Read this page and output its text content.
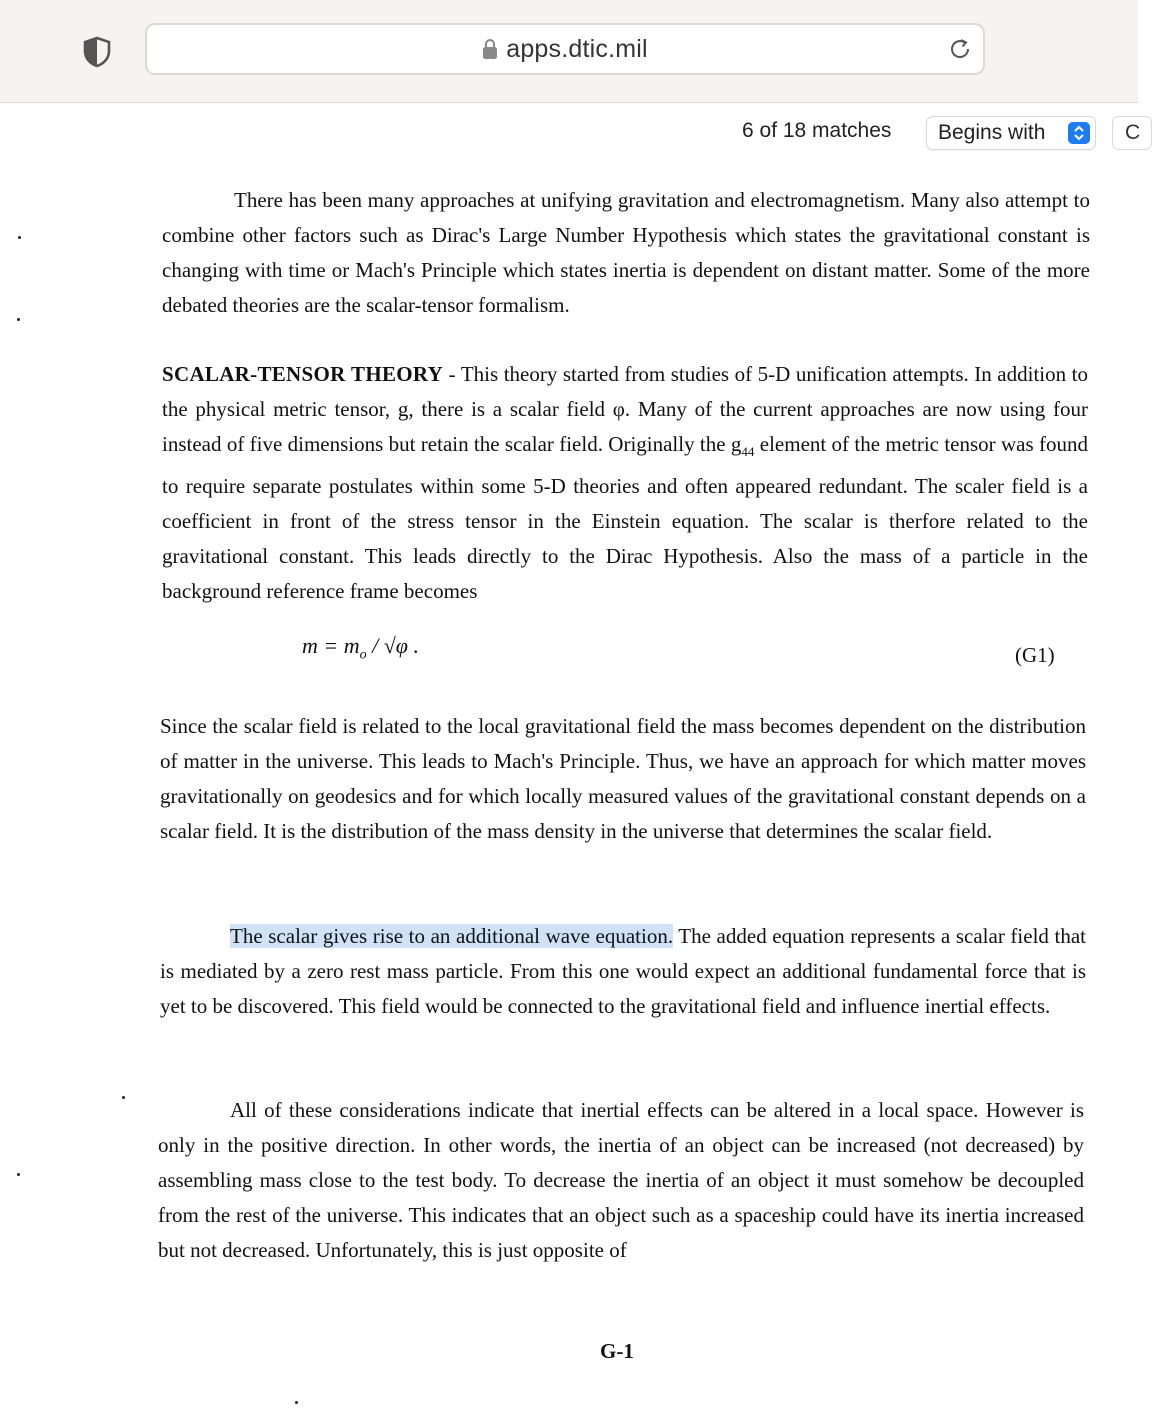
apps.dtic.mil
6 of 18 matches Begins with	C

There has been many approaches at unifying gravitation and electromagnetism. Many also attempt to combine other factors such as Dirac's Large Number Hypothesis which states the gravitational constant is changing with time or Mach's Principle which states inertia is dependent on distant matter. Some of the more debated theories are the scalar-tensor formalism.

SCALAR-TENSOR THEORY - This theory started from studies of 5-D unification attempts. In addition to the physical metric tensor, g, there is a scalar field φ. Many of the current approaches are now using four instead of five dimensions but retain the scalar field. Originally the $g_{44}$ element of the metric tensor was found to require separate postulates within some 5-D theories and often appeared redundant. The scaler field is a coefficient in front of the stress tensor in the Einstein equation. The scalar is therfore related to the gravitational constant. This leads directly to the Dirac Hypothesis. Also the mass of a particle in the background reference frame becomes

$m = m_o / √\varphi$ .	(G1)

Since the scalar field is related to the local gravitational field the mass becomes dependent on the distribution of matter in the universe. This leads to Mach's Principle. Thus, we have an approach for which matter moves gravitationally on geodesics and for which locally measured values of the gravitational constant depends on a scalar field. It is the distribution of the mass density in the universe that determines the scalar field.

The scalar gives rise to an additional wave equation. The added equation represents a scalar field that is mediated by a zero rest mass particle. From this one would expect an additional fundamental force that is yet to be discovered. This field would be connected to the gravitational field and influence inertial effects.

All of these considerations indicate that inertial effects can be altered in a local space. However is only in the positive direction. In other words, the inertia of an object can be increased (not decreased) by assembling mass close to the test body. To decrease the inertia of an object it must somehow be decoupled from the rest of the universe. This indicates that an object such as a spaceship could have its inertia increased but not decreased. Unfortunately, this is just opposite of

G-1
